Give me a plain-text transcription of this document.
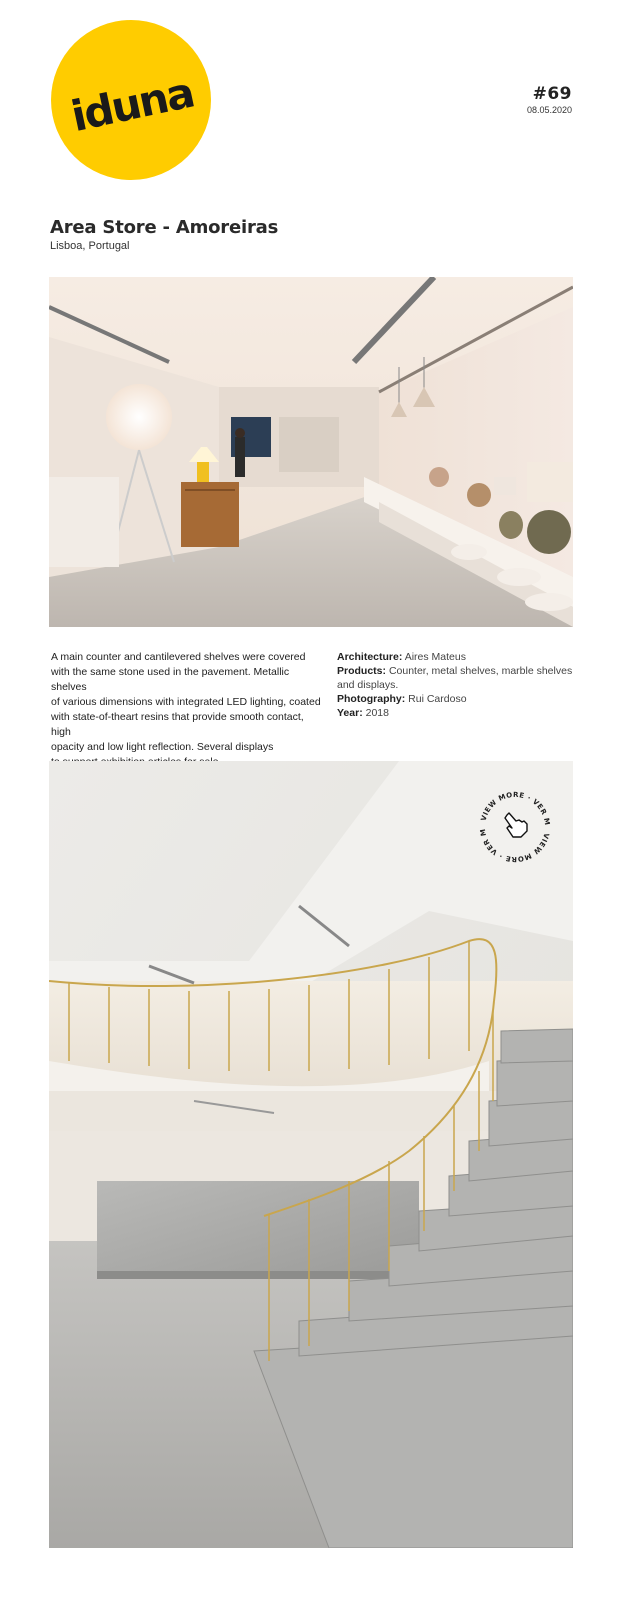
iduna	#69
08.05.2020
Area Store - Amoreiras
Lisboa, Portugal
A main counter and cantilevered shelves were covered
with the same stone used in the pavement. Metallic shelves
of various dimensions with integrated LED lighting, coated
with state-of-theart resins that provide smooth contact, high
opacity and low light reflection. Several displays
Architecture: Aires Mateus
Products: Counter, metal shelves, marble shelves and displays.
Photography: Rui Cardoso
Year: 2018
VIEW MORE · VER M
VIEW MORE · VER M
